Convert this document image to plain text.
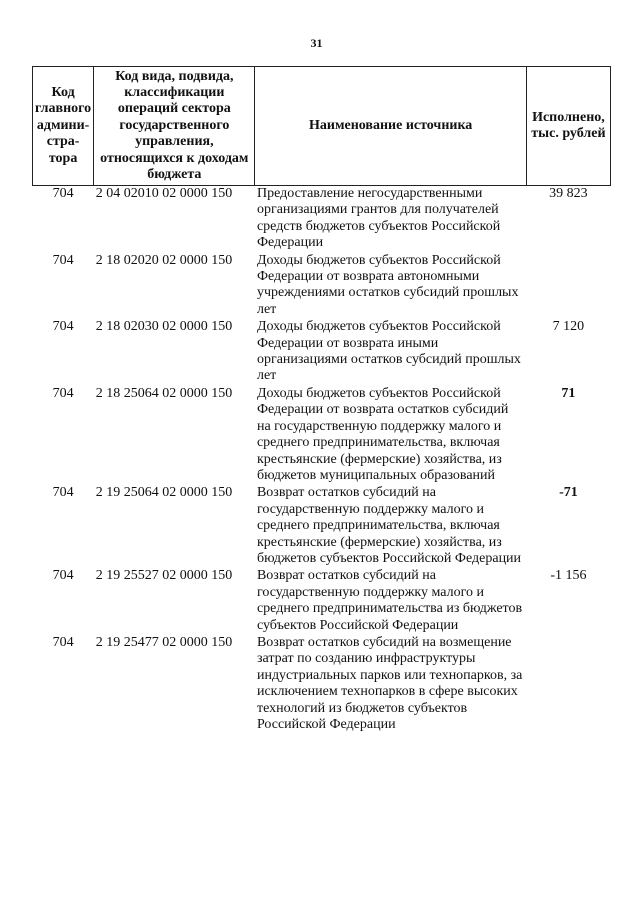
31
Код главного админи-стра-тора	Код вида, подвида, классификации операций сектора государственного управления, относящихся к доходам бюджета	Наименование источника	Исполнено, тыс. рублей
704	2 04 02010 02 0000 150	Предоставление негосударственными организациями грантов для получателей средств бюджетов субъектов Российской Федерации	39 823
704	2 18 02020 02 0000 150	Доходы бюджетов субъектов Российской Федерации от возврата автономными учреждениями остатков субсидий прошлых лет	
704	2 18 02030 02 0000 150	Доходы бюджетов субъектов Российской Федерации от возврата иными организациями остатков субсидий прошлых лет	7 120
704	2 18 25064 02 0000 150	Доходы бюджетов субъектов Российской Федерации от возврата остатков субсидий на государственную поддержку малого и среднего предпринимательства, включая крестьянские (фермерские) хозяйства, из бюджетов муниципальных образований	71
704	2 19 25064 02 0000 150	Возврат остатков субсидий на государственную поддержку малого и среднего предпринимательства, включая крестьянские (фермерские) хозяйства, из бюджетов субъектов Российской Федерации	-71
704	2 19 25527 02 0000 150	Возврат остатков субсидий на государственную поддержку малого и среднего предпринимательства из бюджетов субъектов Российской Федерации	-1 156
704	2 19 25477 02 0000 150	Возврат остатков субсидий на возмещение затрат по созданию инфраструктуры индустриальных парков или технопарков, за исключением технопарков в сфере высоких технологий из бюджетов субъектов Российской Федерации	
